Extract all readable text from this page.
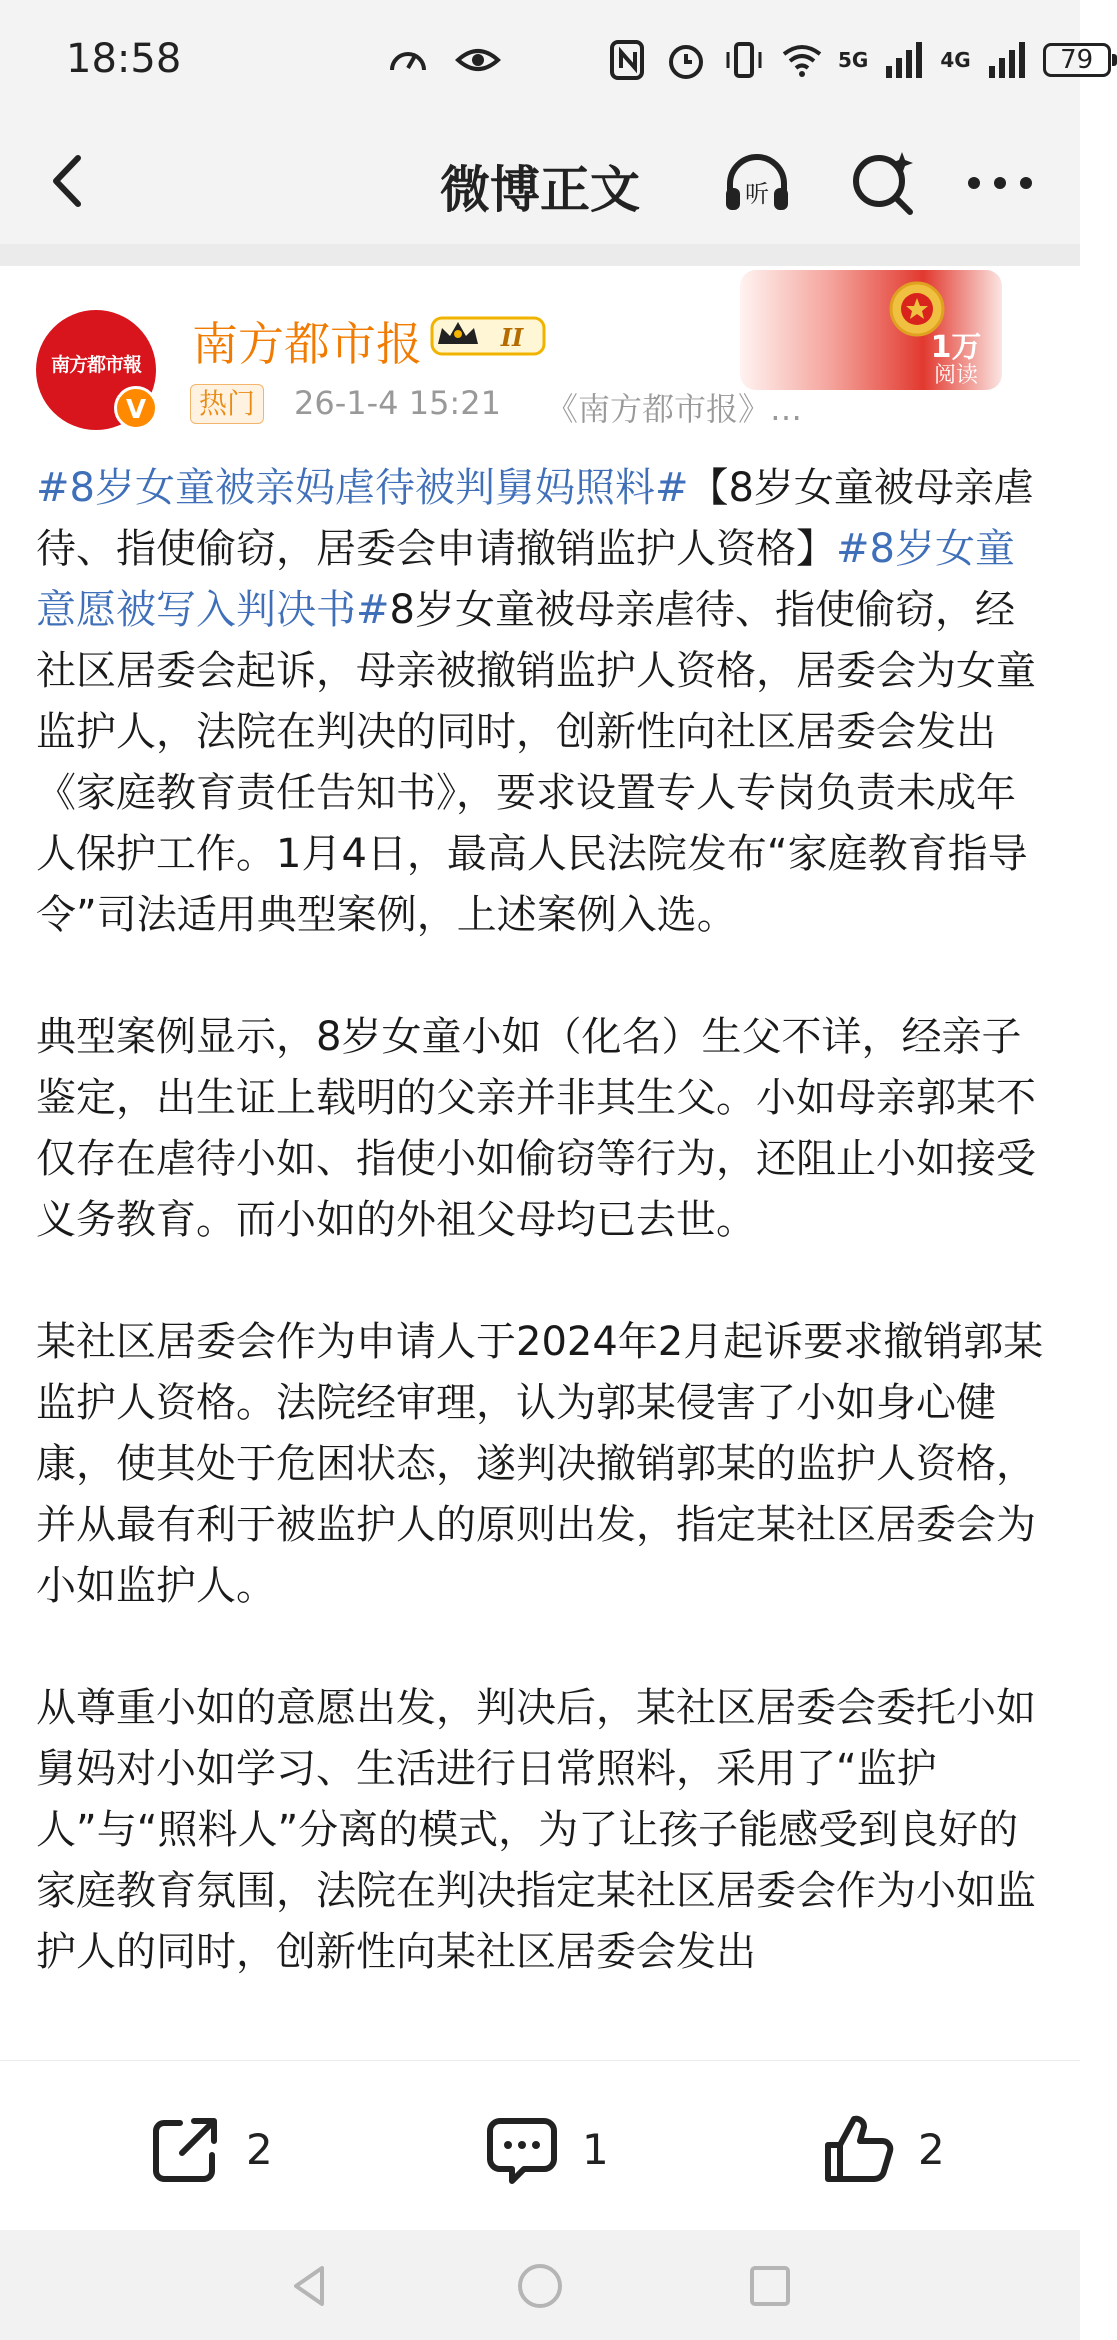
18:58	5G	4G	79
微博正文	听
南方都市報
V
南方都市报	II
热门 26-1-4 15:21 《南方都市报》…
1万
阅读

#8岁女童被亲妈虐待被判舅妈照料#【8岁女童被母亲虐待、指使偷窃，居委会申请撤销监护人资格】#8岁女童意愿被写入判决书#8岁女童被母亲虐待、指使偷窃，经社区居委会起诉，母亲被撤销监护人资格，居委会为女童监护人，法院在判决的同时，创新性向社区居委会发出《家庭教育责任告知书》，要求设置专人专岗负责未成年人保护工作。1月4日，最高人民法院发布“家庭教育指导令”司法适用典型案例，上述案例入选。

典型案例显示，8岁女童小如（化名）生父不详，经亲子鉴定，出生证上载明的父亲并非其生父。小如母亲郭某不仅存在虐待小如、指使小如偷窃等行为，还阻止小如接受义务教育。而小如的外祖父母均已去世。

某社区居委会作为申请人于2024年2月起诉要求撤销郭某监护人资格。法院经审理，认为郭某侵害了小如身心健康，使其处于危困状态，遂判决撤销郭某的监护人资格，并从最有利于被监护人的原则出发，指定某社区居委会为小如监护人。

从尊重小如的意愿出发，判决后，某社区居委会委托小如舅妈对小如学习、生活进行日常照料，采用了“监护人”与“照料人”分离的模式，为了让孩子能感受到良好的家庭教育氛围，法院在判决指定某社区居委会作为小如监护人的同时，创新性向某社区居委会发出

2	1	2
